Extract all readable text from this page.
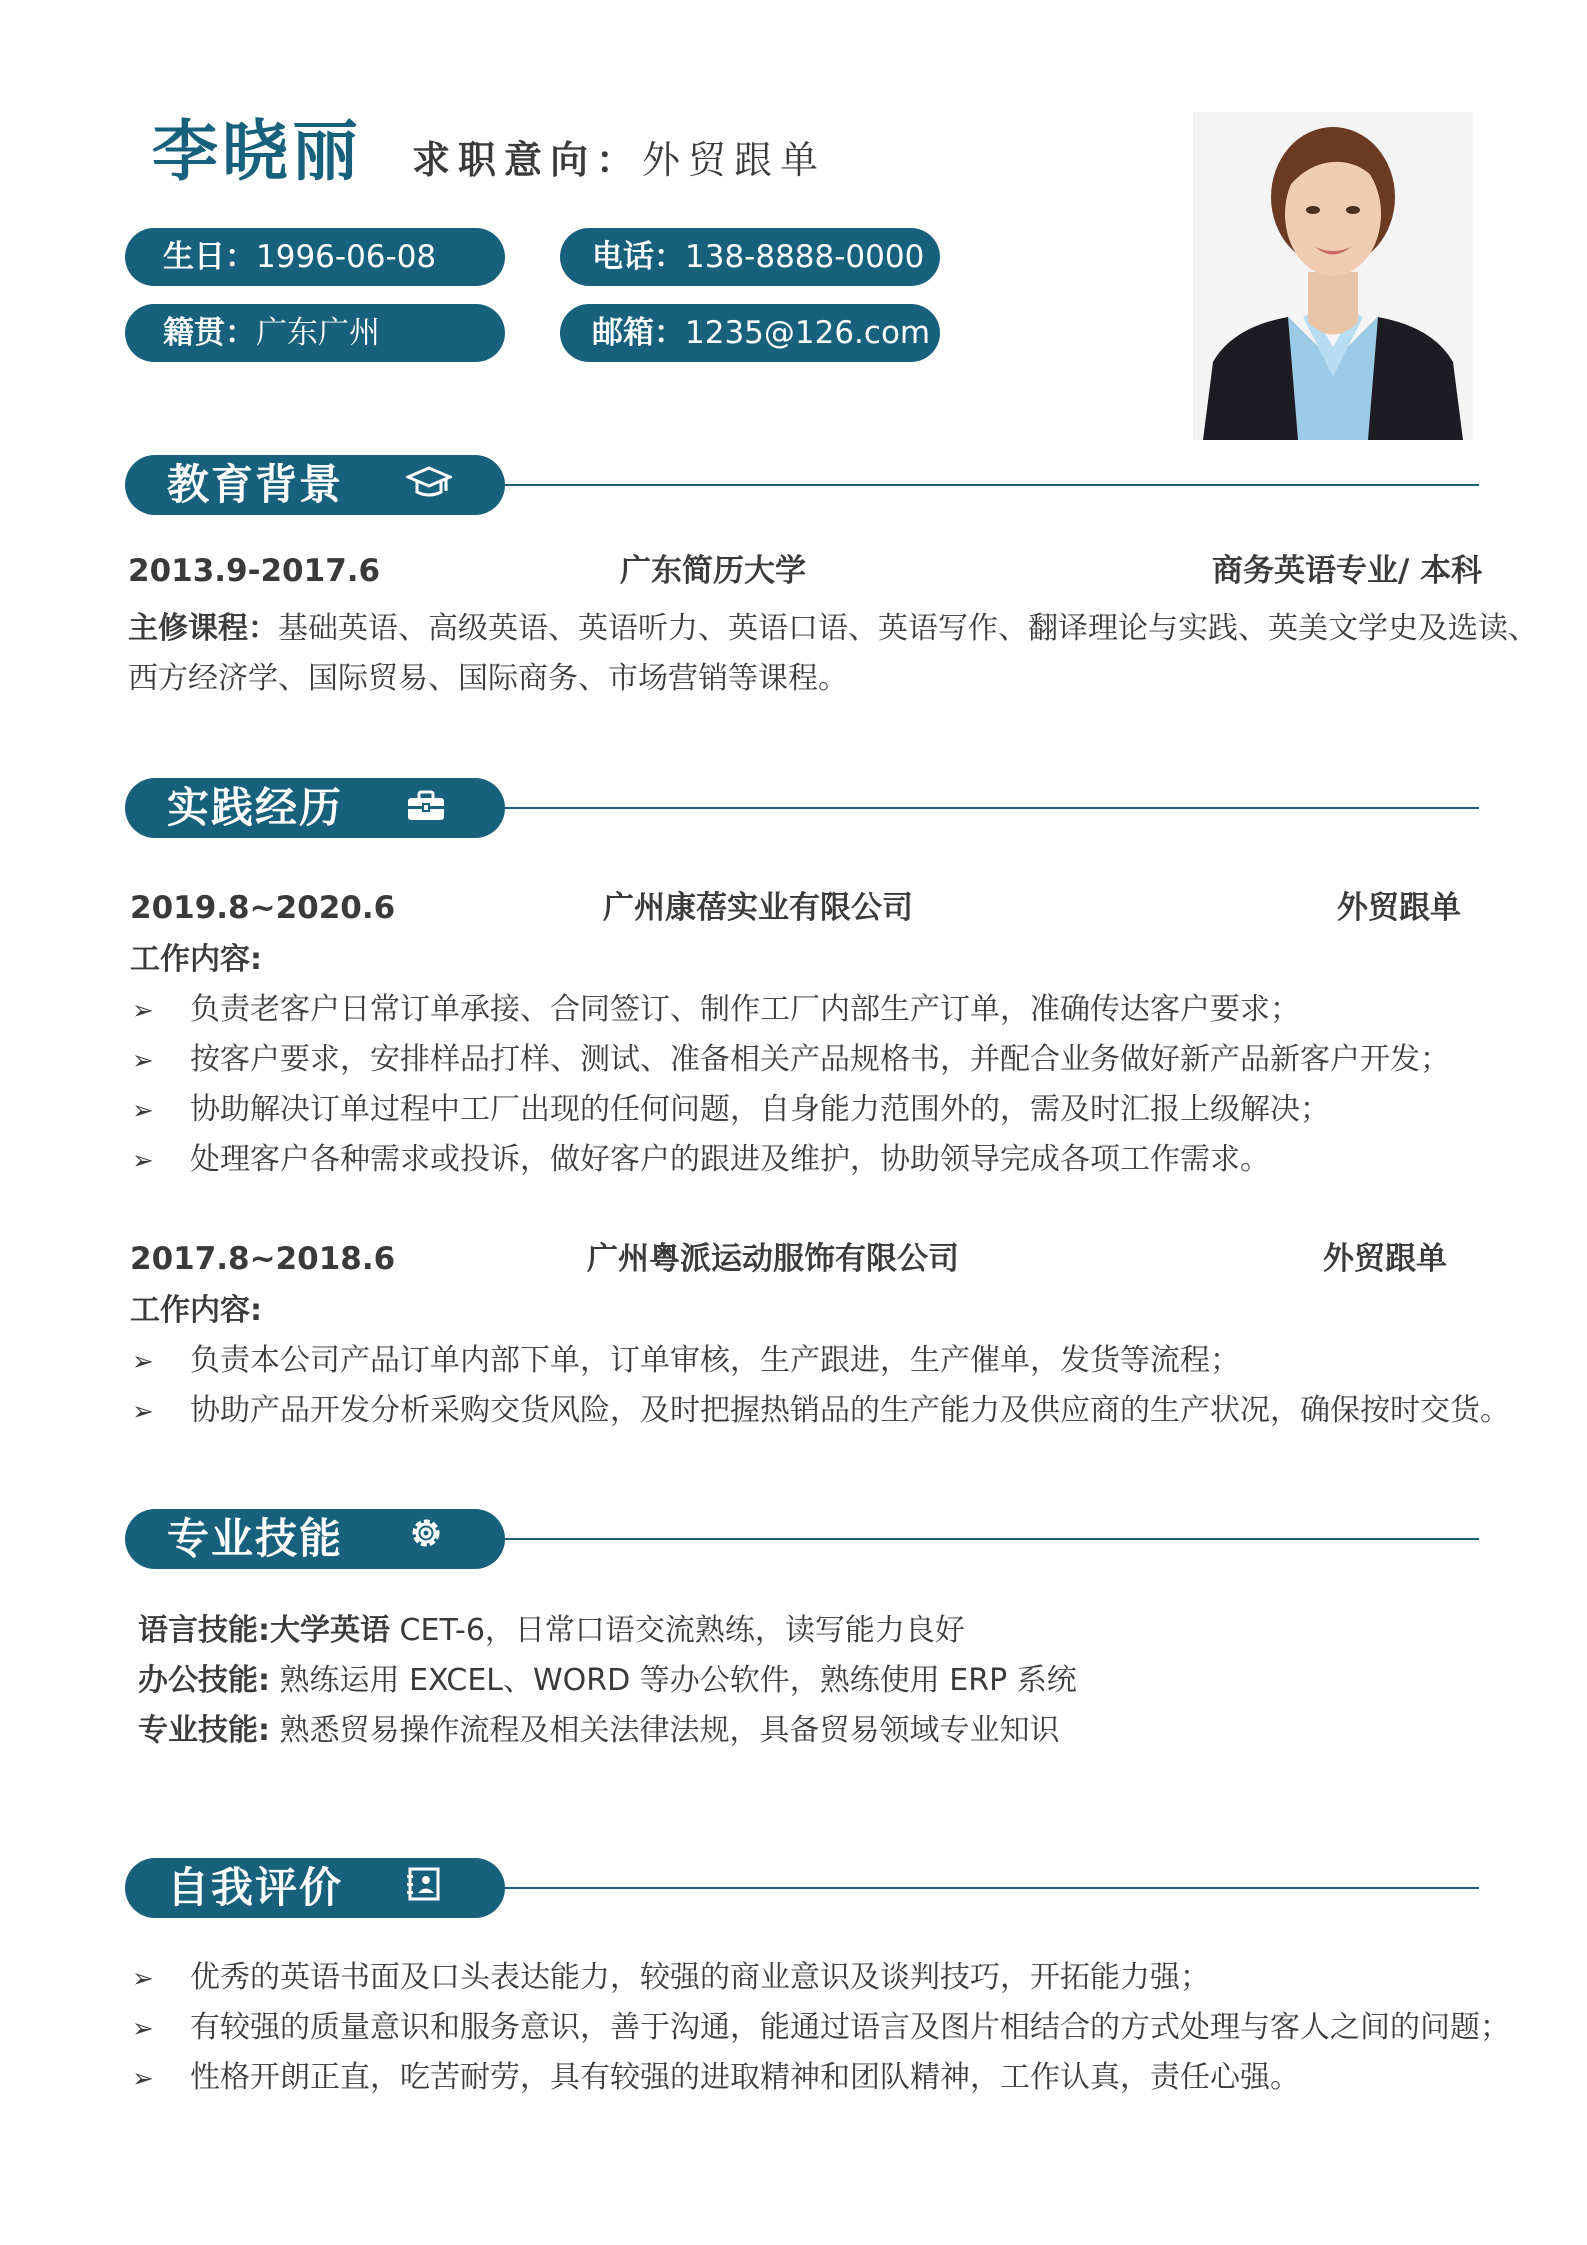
李晓丽 求职意向：外贸跟单
生日：1996-06-08	电话：138-8888-0000
籍贯：广东广州	邮箱：1235@126.com
教育背景
2013.9-2017.6	广东简历大学	商务英语专业/ 本科
主修课程：基础英语、高级英语、英语听力、英语口语、英语写作、翻译理论与实践、英美文学史及选读、
西方经济学、国际贸易、国际商务、市场营销等课程。
实践经历
2019.8~2020.6	广州康蓓实业有限公司	外贸跟单
工作内容:
➢ 负责老客户日常订单承接、合同签订、制作工厂内部生产订单，准确传达客户要求；
➢ 按客户要求，安排样品打样、测试、准备相关产品规格书，并配合业务做好新产品新客户开发；
➢ 协助解决订单过程中工厂出现的任何问题，自身能力范围外的，需及时汇报上级解决；
➢ 处理客户各种需求或投诉，做好客户的跟进及维护，协助领导完成各项工作需求。
2017.8~2018.6	广州粤派运动服饰有限公司	外贸跟单
工作内容:
➢ 负责本公司产品订单内部下单，订单审核，生产跟进，生产催单，发货等流程；
➢ 协助产品开发分析采购交货风险，及时把握热销品的生产能力及供应商的生产状况，确保按时交货。
专业技能
语言技能:大学英语 CET-6，日常口语交流熟练，读写能力良好
办公技能: 熟练运用 EXCEL、WORD 等办公软件，熟练使用 ERP 系统
专业技能: 熟悉贸易操作流程及相关法律法规，具备贸易领域专业知识
自我评价
➢ 优秀的英语书面及口头表达能力，较强的商业意识及谈判技巧，开拓能力强；
➢ 有较强的质量意识和服务意识，善于沟通，能通过语言及图片相结合的方式处理与客人之间的问题；
➢ 性格开朗正直，吃苦耐劳，具有较强的进取精神和团队精神，工作认真，责任心强。
